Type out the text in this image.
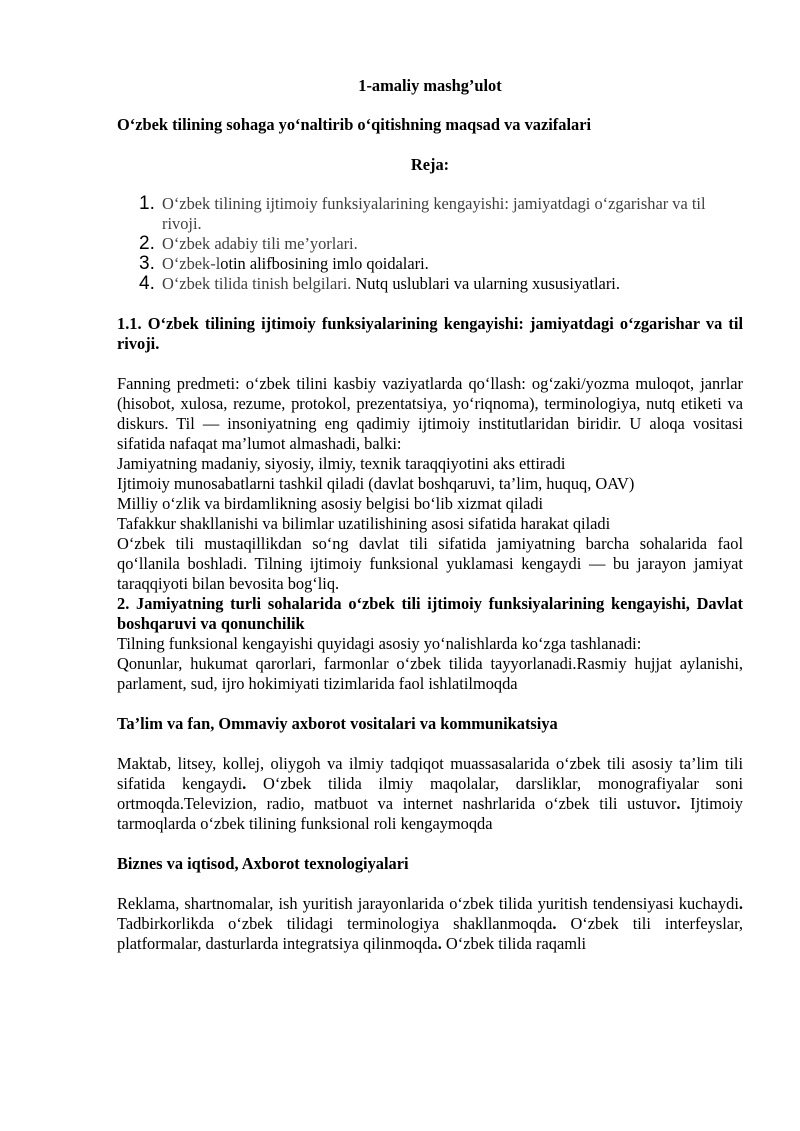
1-amaliy mashg’ulot

O‘zbek tilining sohaga yo‘naltirib o‘qitishning maqsad va vazifalari

Reja:

1. O‘zbek tilining ijtimoiy funksiyalarining kengayishi: jamiyatdagi o‘zgarishar va til rivoji.
2. O‘zbek adabiy tili me’yorlari.
3. O‘zbek-lotin alifbosining imlo qoidalari.
4. O‘zbek tilida tinish belgilari. Nutq uslublari va ularning xususiyatlari.

1.1. O‘zbek tilining ijtimoiy funksiyalarining kengayishi: jamiyatdagi o‘zgarishar va til rivoji.

Fanning predmeti: o‘zbek tilini kasbiy vaziyatlarda qo‘llash: og‘zaki/yozma muloqot, janrlar (hisobot, xulosa, rezume, protokol, prezentatsiya, yo‘riqnoma), terminologiya, nutq etiketi va diskurs. Til — insoniyatning eng qadimiy ijtimoiy institutlaridan biridir. U aloqa vositasi sifatida nafaqat ma’lumot almashadi, balki:

Jamiyatning madaniy, siyosiy, ilmiy, texnik taraqqiyotini aks ettiradi

Ijtimoiy munosabatlarni tashkil qiladi (davlat boshqaruvi, ta’lim, huquq, OAV)

Milliy o‘zlik va birdamlikning asosiy belgisi bo‘lib xizmat qiladi

Tafakkur shakllanishi va bilimlar uzatilishining asosi sifatida harakat qiladi

O‘zbek tili mustaqillikdan so‘ng davlat tili sifatida jamiyatning barcha sohalarida faol qo‘llanila boshladi. Tilning ijtimoiy funksional yuklamasi kengaydi — bu jarayon jamiyat taraqqiyoti bilan bevosita bog‘liq.

2. Jamiyatning turli sohalarida o‘zbek tili ijtimoiy funksiyalarining kengayishi, Davlat boshqaruvi va qonunchilik

Tilning funksional kengayishi quyidagi asosiy yo‘nalishlarda ko‘zga tashlanadi:

Qonunlar, hukumat qarorlari, farmonlar o‘zbek tilida tayyorlanadi.Rasmiy hujjat aylanishi, parlament, sud, ijro hokimiyati tizimlarida faol ishlatilmoqda

Ta’lim va fan, Ommaviy axborot vositalari va kommunikatsiya

Maktab, litsey, kollej, oliygoh va ilmiy tadqiqot muassasalarida o‘zbek tili asosiy ta’lim tili sifatida kengaydi. O‘zbek tilida ilmiy maqolalar, darsliklar, monografiyalar soni ortmoqda.Televizion, radio, matbuot va internet nashrlarida o‘zbek tili ustuvor. Ijtimoiy tarmoqlarda o‘zbek tilining funksional roli kengaymoqda

Biznes va iqtisod, Axborot texnologiyalari

Reklama, shartnomalar, ish yuritish jarayonlarida o‘zbek tilida yuritish tendensiyasi kuchaydi. Tadbirkorlikda o‘zbek tilidagi terminologiya shakllanmoqda. O‘zbek tili interfeyslar, platformalar, dasturlarda integratsiya qilinmoqda. O‘zbek tilida raqamli
